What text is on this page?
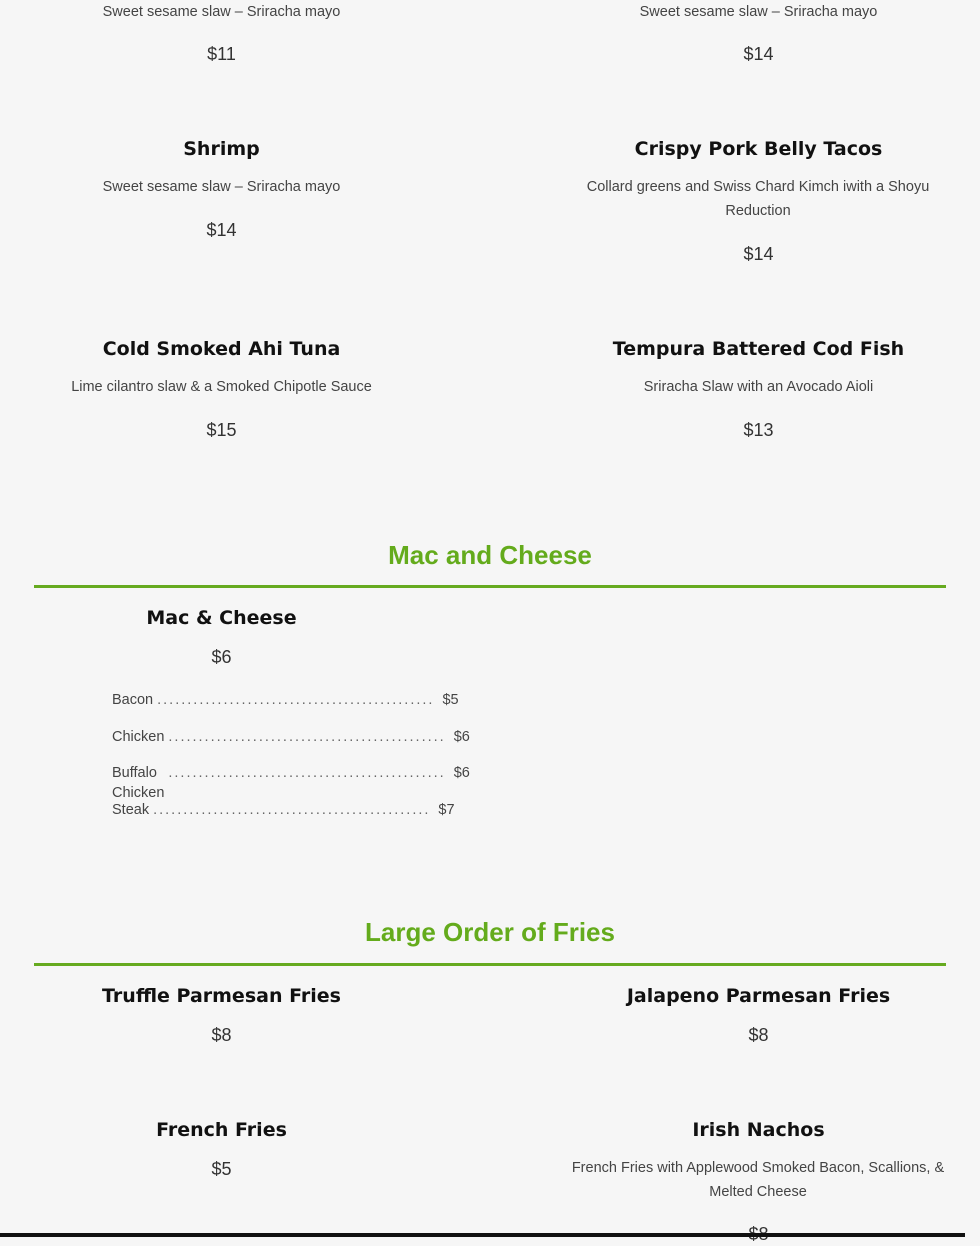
Sweet sesame slaw – Sriracha mayo
$11
Sweet sesame slaw – Sriracha mayo
$14
Shrimp
Sweet sesame slaw – Sriracha mayo
$14
Crispy Pork Belly Tacos
Collard greens and Swiss Chard Kimch iwith a Shoyu Reduction
$14
Cold Smoked Ahi Tuna
Lime cilantro slaw & a Smoked Chipotle Sauce
$15
Tempura Battered Cod Fish
Sriracha Slaw with an Avocado Aioli
$13
Mac and Cheese
Mac & Cheese
$6
Bacon .............................................. $5
Chicken .............................................. $6
Buffalo Chicken
.............................................. $6
Steak .............................................. $7
Large Order of Fries
Truffle Parmesan Fries
$8
Jalapeno Parmesan Fries
$8
French Fries
$5
Irish Nachos
French Fries with Applewood Smoked Bacon, Scallions, & Melted Cheese
